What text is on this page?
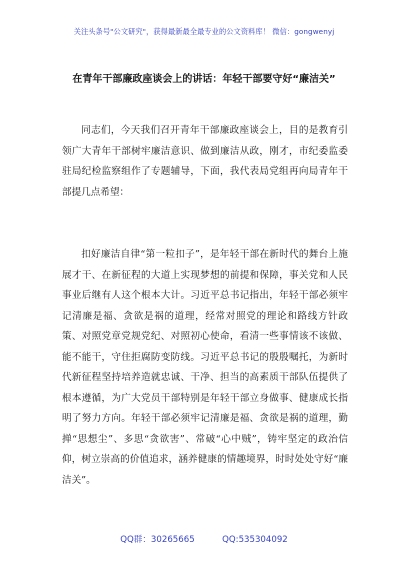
关注头条号"公文研究"，获得最新最全最专业的公文资料库！ 微信：gongwenyj
在青年干部廉政座谈会上的讲话：年轻干部要守好“廉洁关”
同志们，今天我们召开青年干部廉政座谈会上，目的是教育引领广大青年干部树牢廉洁意识、做到廉洁从政，刚才，市纪委监委驻局纪检监察组作了专题辅导，下面，我代表局党组再向局青年干部提几点希望：
扣好廉洁自律“第一粒扣子”，是年轻干部在新时代的舞台上施展才干、在新征程的大道上实现梦想的前提和保障，事关党和人民事业后继有人这个根本大计。习近平总书记指出，年轻干部必须牢记清廉是福、贪欲是祸的道理，经常对照党的理论和路线方针政策、对照党章党规党纪、对照初心使命，看清一些事情该不该做、能不能干，守住拒腐防变防线。习近平总书记的殷殷嘱托，为新时代新征程坚持培养造就忠诚、干净、担当的高素质干部队伍提供了根本遵循，为广大党员干部特别是年轻干部立身做事、健康成长指明了努力方向。年轻干部必须牢记清廉是福、贪欲是祸的道理，勤掸“思想尘”、多思“贪欲害”、常破“心中贼”，铸牢坚定的政治信仰，树立崇高的价值追求，涵养健康的情趣境界，时时处处守好“廉洁关”。
QQ群：30265665	QQ:535304092
